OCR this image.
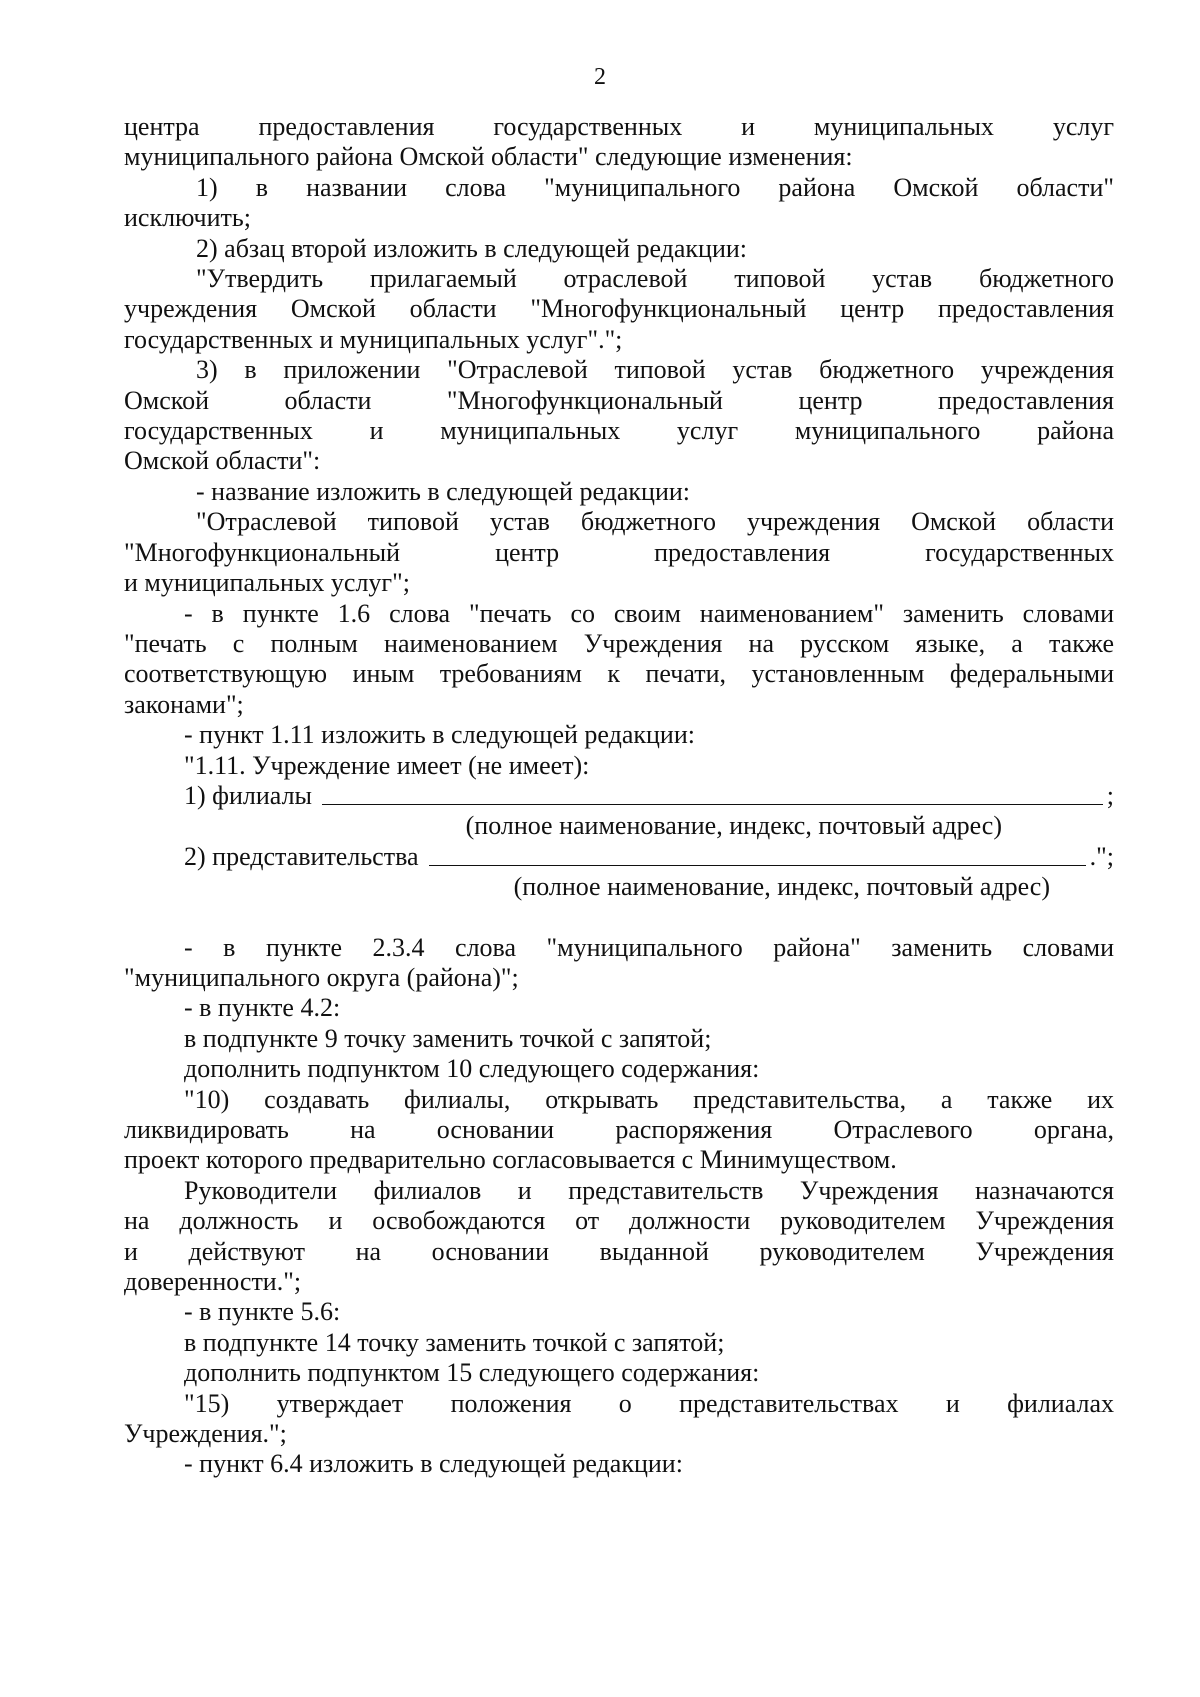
2

центра предоставления государственных и муниципальных услуг

муниципального района Омской области" следующие изменения:

1) в названии слова "муниципального района Омской области"

исключить;

2) абзац второй изложить в следующей редакции:

"Утвердить прилагаемый отраслевой типовой устав бюджетного

учреждения Омской области "Многофункциональный центр предоставления

государственных и муниципальных услуг".";

3) в приложении "Отраслевой типовой устав бюджетного учреждения

Омской области "Многофункциональный центр предоставления

государственных и муниципальных услуг муниципального района

Омской области":

- название изложить в следующей редакции:

"Отраслевой типовой устав бюджетного учреждения Омской области

"Многофункциональный центр предоставления государственных

и муниципальных услуг";

- в пункте 1.6 слова "печать со своим наименованием" заменить словами

"печать с полным наименованием Учреждения на русском языке, а также

соответствующую иным требованиям к печати, установленным федеральными

законами";

- пункт 1.11 изложить в следующей редакции:

"1.11. Учреждение имеет (не имеет):

1) филиалы	;

(полное наименование, индекс, почтовый адрес)

2) представительства	.";

(полное наименование, индекс, почтовый адрес)

- в пункте 2.3.4 слова "муниципального района" заменить словами

"муниципального округа (района)";

- в пункте 4.2:

в подпункте 9 точку заменить точкой с запятой;

дополнить подпунктом 10 следующего содержания:

"10) создавать филиалы, открывать представительства, а также их

ликвидировать на основании распоряжения Отраслевого органа,

проект которого предварительно согласовывается с Минимуществом.

Руководители филиалов и представительств Учреждения назначаются

на должность и освобождаются от должности руководителем Учреждения

и действуют на основании выданной руководителем Учреждения

доверенности.";

- в пункте 5.6:

в подпункте 14 точку заменить точкой с запятой;

дополнить подпунктом 15 следующего содержания:

"15) утверждает положения о представительствах и филиалах

Учреждения.";

- пункт 6.4 изложить в следующей редакции:
